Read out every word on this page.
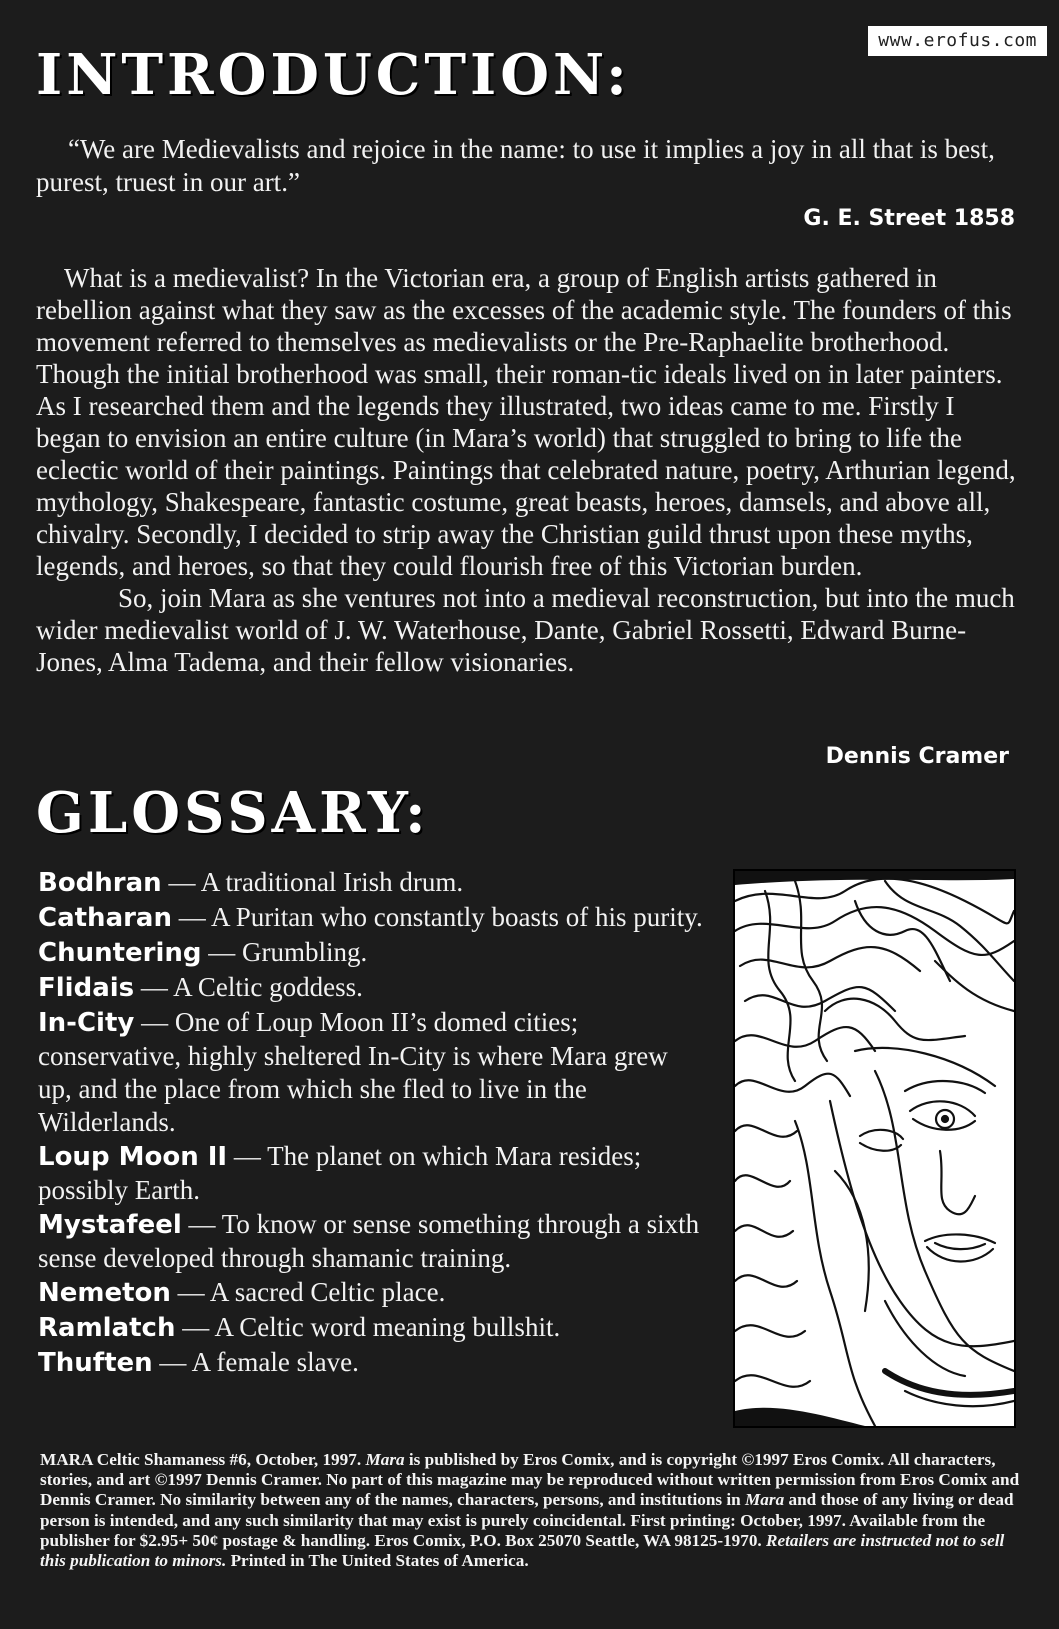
www.erofus.com
INTRODUCTION:
“We are Medievalists and rejoice in the name: to use it implies a joy in all that is best, purest, truest in our art.”
G. E. Street 1858

What is a medievalist? In the Victorian era, a group of English artists gathered in rebellion against what they saw as the excesses of the academic style. The founders of this movement referred to themselves as medievalists or the Pre-Raphaelite brotherhood. Though the initial brotherhood was small, their roman-tic ideals lived on in later painters. As I researched them and the legends they illustrated, two ideas came to me. Firstly I began to envision an entire culture (in Mara’s world) that struggled to bring to life the eclectic world of their paintings. Paintings that celebrated nature, poetry, Arthurian legend, mythology, Shakespeare, fantastic costume, great beasts, heroes, damsels, and above all, chivalry. Secondly, I decided to strip away the Christian guild thrust upon these myths, legends, and heroes, so that they could flourish free of this Victorian burden.

So, join Mara as she ventures not into a medieval reconstruction, but into the much wider medievalist world of J. W. Waterhouse, Dante, Gabriel Rossetti, Edward Burne-Jones, Alma Tadema, and their fellow visionaries.

Dennis Cramer
GLOSSARY:
Bodhran — A traditional Irish drum.
Catharan — A Puritan who constantly boasts of his purity.
Chuntering — Grumbling.
Flidais — A Celtic goddess.
In-City — One of Loup Moon II’s domed cities; conservative, highly sheltered In-City is where Mara grew up, and the place from which she fled to live in the Wilderlands.
Loup Moon II — The planet on which Mara resides; possibly Earth.
Mystafeel — To know or sense something through a sixth sense developed through shamanic training.
Nemeton — A sacred Celtic place.
Ramlatch — A Celtic word meaning bullshit.
Thuften — A female slave.
MARA Celtic Shamaness #6, October, 1997. Mara is published by Eros Comix, and is copyright ©1997 Eros Comix. All characters, stories, and art ©1997 Dennis Cramer. No part of this magazine may be reproduced without written permission from Eros Comix and Dennis Cramer. No similarity between any of the names, characters, persons, and institutions in Mara and those of any living or dead person is intended, and any such similarity that may exist is purely coincidental. First printing: October, 1997. Available from the publisher for $2.95+ 50¢ postage & handling. Eros Comix, P.O. Box 25070 Seattle, WA 98125-1970. Retailers are instructed not to sell this publication to minors. Printed in The United States of America.
